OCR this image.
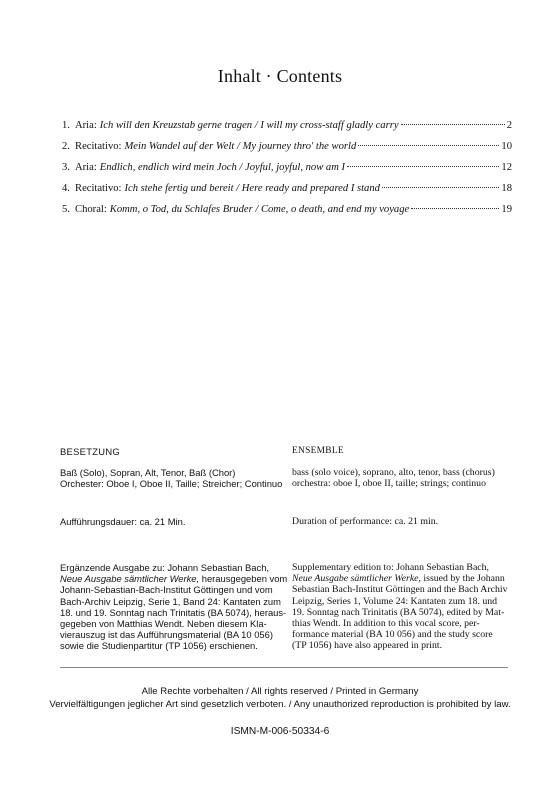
Inhalt · Contents
1. Aria: Ich will den Kreuzstab gerne tragen / I will my cross-staff gladly carry	2
2. Recitativo: Mein Wandel auf der Welt / My journey thro' the world	10
3. Aria: Endlich, endlich wird mein Joch / Joyful, joyful, now am I	12
4. Recitativo: Ich stehe fertig und bereit / Here ready and prepared I stand	18
5. Choral: Komm, o Tod, du Schlafes Bruder / Come, o death, and end my voyage	19
BESETZUNG
Baß (Solo), Sopran, Alt, Tenor, Baß (Chor)
Orchester: Oboe I, Oboe II, Taille; Streicher; Continuo
Aufführungsdauer: ca. 21 Min.
Ergänzende Ausgabe zu: Johann Sebastian Bach,
Neue Ausgabe sämtlicher Werke, herausgegeben vom
Johann-Sebastian-Bach-Institut Göttingen und vom
Bach-Archiv Leipzig, Serie 1, Band 24: Kantaten zum
18. und 19. Sonntag nach Trinitatis (BA 5074), heraus-
gegeben von Matthias Wendt. Neben diesem Kla-
vierauszug ist das Aufführungsmaterial (BA 10 056)
sowie die Studienpartitur (TP 1056) erschienen.
ENSEMBLE
bass (solo voice), soprano, alto, tenor, bass (chorus)
orchestra: oboe I, oboe II, taille; strings; continuo
Duration of performance: ca. 21 min.
Supplementary edition to: Johann Sebastian Bach,
Neue Ausgabe sämtlicher Werke, issued by the Johann
Sebastian Bach-Institut Göttingen and the Bach Archiv
Leipzig, Series 1, Volume 24: Kantaten zum 18. und
19. Sonntag nach Trinitatis (BA 5074), edited by Mat-
thias Wendt. In addition to this vocal score, per-
formance material (BA 10 056) and the study score
(TP 1056) have also appeared in print.
Alle Rechte vorbehalten / All rights reserved / Printed in Germany
Vervielfältigungen jeglicher Art sind gesetzlich verboten. / Any unauthorized reproduction is prohibited by law.
ISMN-M-006-50334-6
